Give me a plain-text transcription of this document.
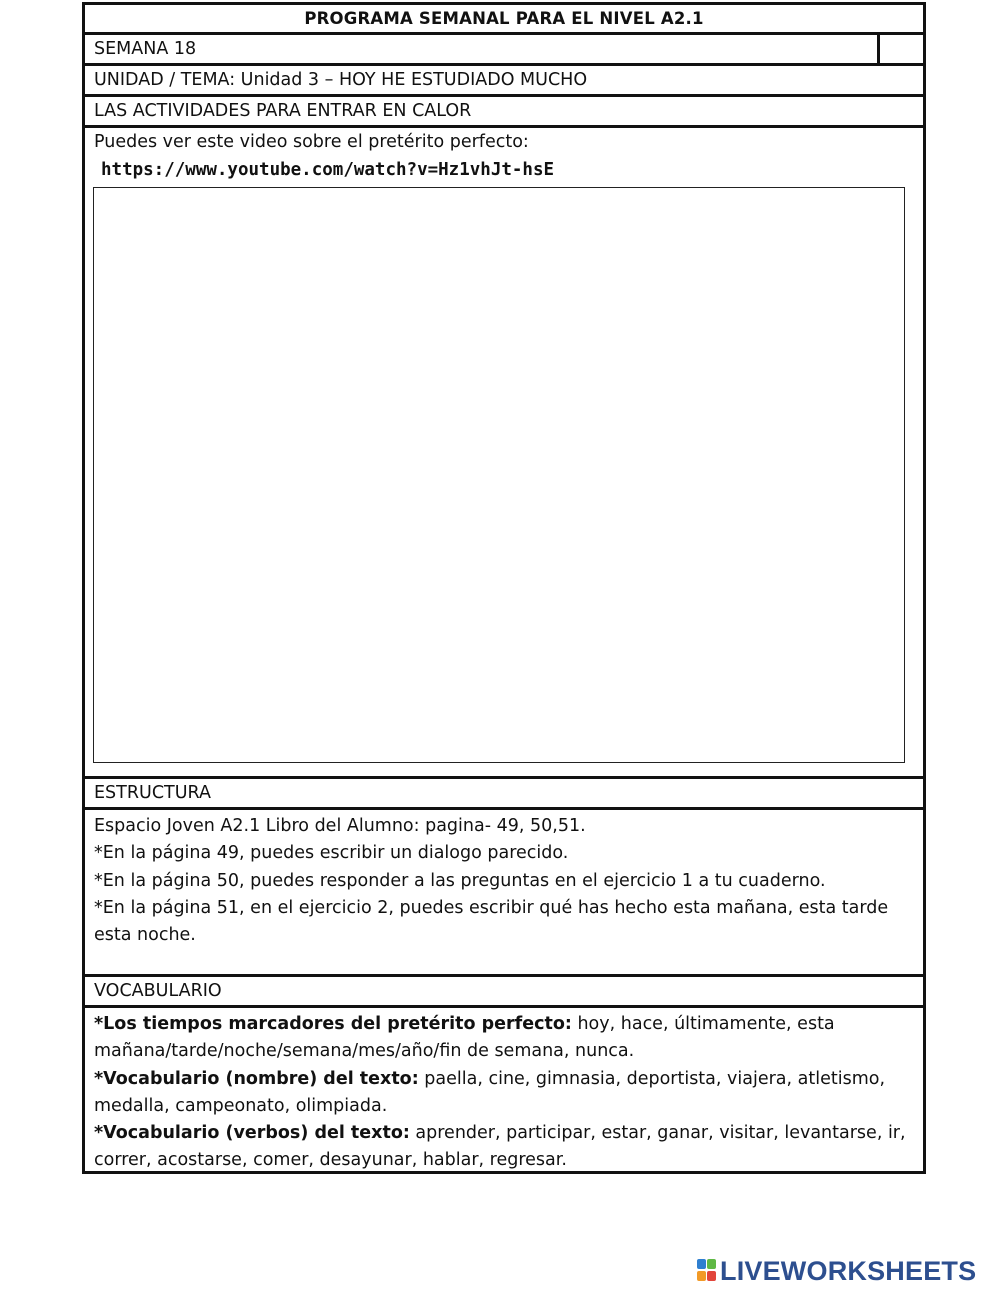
PROGRAMA SEMANAL PARA EL NIVEL A2.1
SEMANA 18
UNIDAD / TEMA: Unidad 3 – HOY HE ESTUDIADO MUCHO
LAS ACTIVIDADES PARA ENTRAR EN CALOR
Puedes ver este video sobre el pretérito perfecto:
https://www.youtube.com/watch?v=Hz1vhJt-hsE
ESTRUCTURA

Espacio Joven A2.1 Libro del Alumno: pagina- 49, 50,51.

*En la página 49, puedes escribir un dialogo parecido.

*En la página 50, puedes responder a las preguntas en el ejercicio 1 a tu cuaderno.

*En la página 51, en el ejercicio 2, puedes escribir qué has hecho esta mañana, esta tarde esta noche.

VOCABULARIO

*Los tiempos marcadores del pretérito perfecto: hoy, hace, últimamente, esta mañana/tarde/noche/semana/mes/año/fin de semana, nunca.

*Vocabulario (nombre) del texto: paella, cine, gimnasia, deportista, viajera, atletismo, medalla, campeonato, olimpiada.

*Vocabulario (verbos) del texto: aprender, participar, estar, ganar, visitar, levantarse, ir, correr, acostarse, comer, desayunar, hablar, regresar.

LIVEWORKSHEETS
